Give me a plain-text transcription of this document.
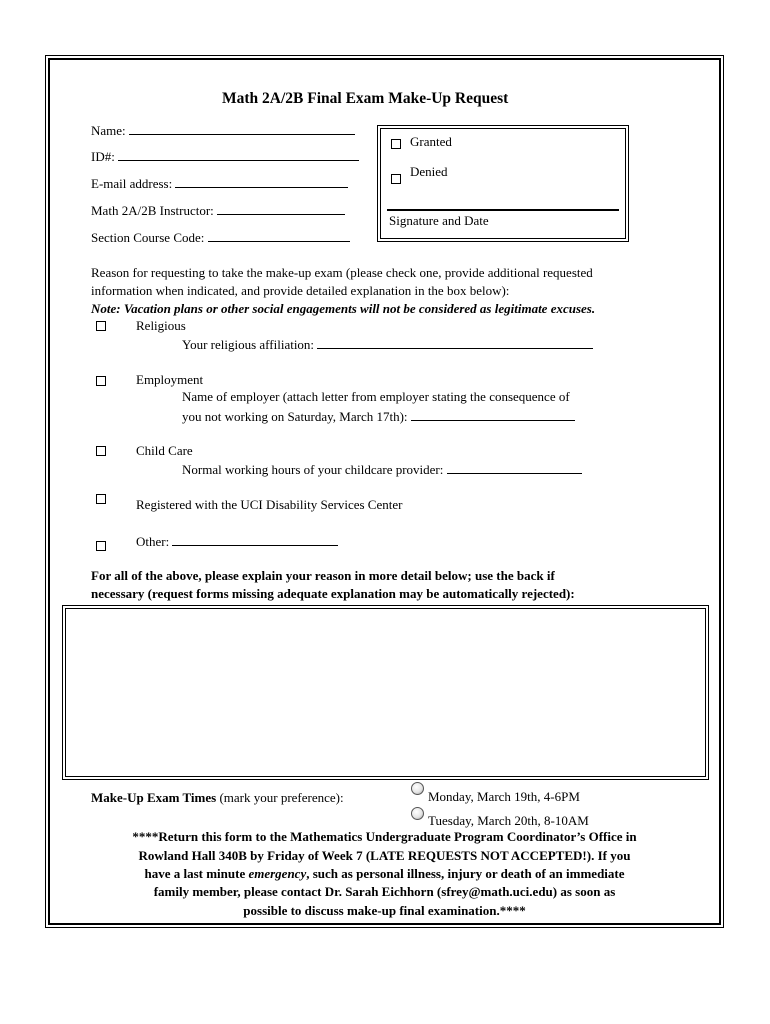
Math 2A/2B Final Exam Make-Up Request
Name:
ID#:
E-mail address:
Math 2A/2B Instructor:
Section Course Code:
Granted
Denied
Signature and Date
Reason for requesting to take the make-up exam (please check one, provide additional requested
information when indicated, and provide detailed explanation in the box below):
Note: Vacation plans or other social engagements will not be considered as legitimate excuses.
Religious
Your religious affiliation:
Employment
Name of employer (attach letter from employer stating the consequence of
you not working on Saturday, March 17th):
Child Care
Normal working hours of your childcare provider:
Registered with the UCI Disability Services Center
Other:
For all of the above, please explain your reason in more detail below; use the back if
necessary (request forms missing adequate explanation may be automatically rejected):
Make-Up Exam Times (mark your preference):	Monday, March 19th, 4-6PM
Tuesday, March 20th, 8-10AM
****Return this form to the Mathematics Undergraduate Program Coordinator’s Office in
Rowland Hall 340B by Friday of Week 7 (LATE REQUESTS NOT ACCEPTED!). If you
have a last minute emergency, such as personal illness, injury or death of an immediate
family member, please contact Dr. Sarah Eichhorn (sfrey@math.uci.edu) as soon as
possible to discuss make-up final examination.****
